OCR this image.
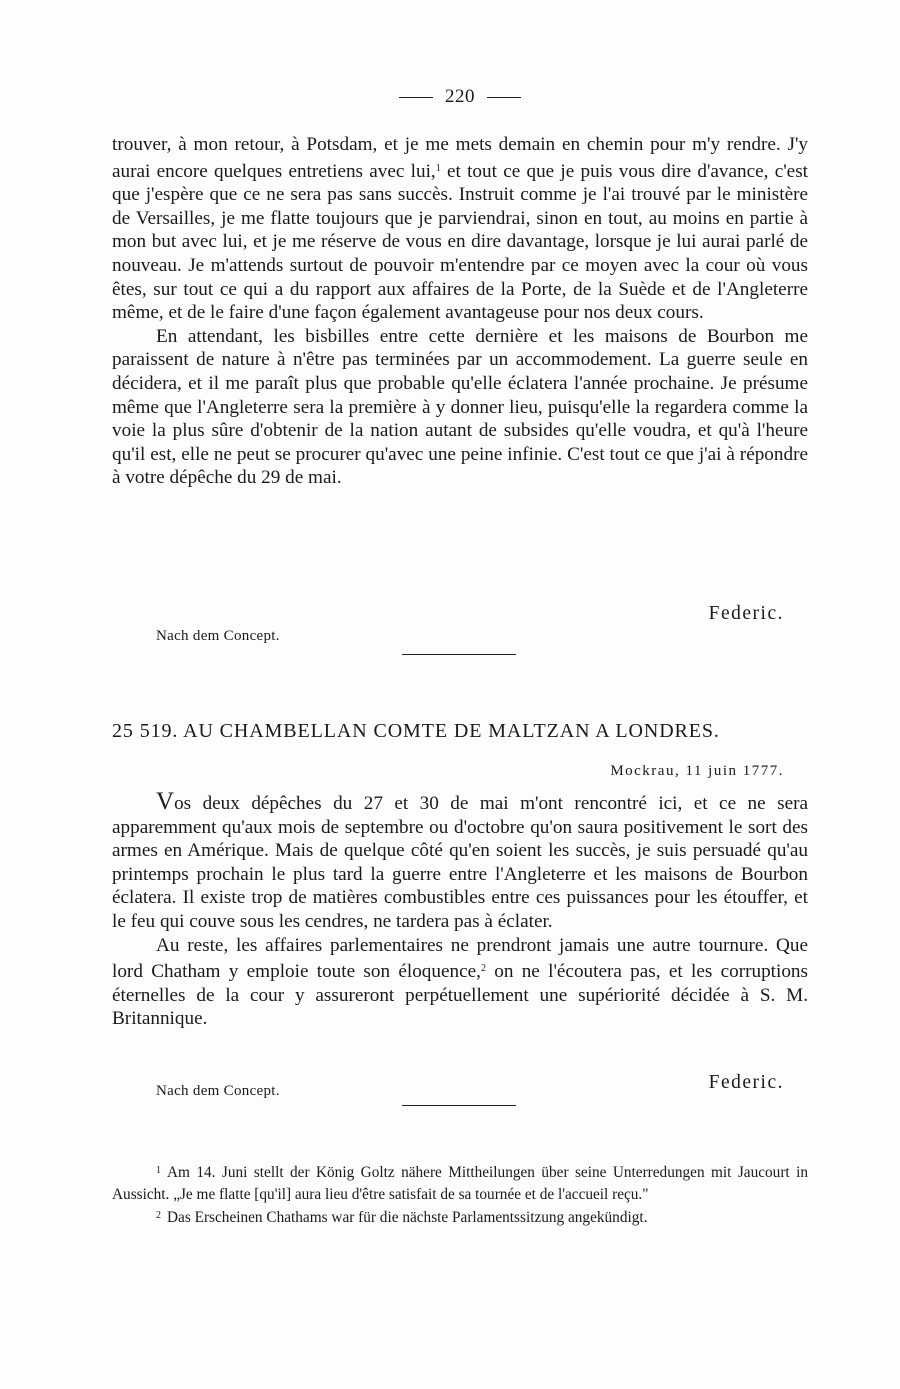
220

trouver, à mon retour, à Potsdam, et je me mets demain en chemin pour m'y rendre. J'y aurai encore quelques entretiens avec lui,$^1$ et tout ce que je puis vous dire d'avance, c'est que j'espère que ce ne sera pas sans succès. Instruit comme je l'ai trouvé par le ministère de Versailles, je me flatte toujours que je parviendrai, sinon en tout, au moins en partie à mon but avec lui, et je me réserve de vous en dire davantage, lorsque je lui aurai parlé de nouveau. Je m'attends surtout de pouvoir m'entendre par ce moyen avec la cour où vous êtes, sur tout ce qui a du rapport aux affaires de la Porte, de la Suède et de l'Angleterre même, et de le faire d'une façon également avantageuse pour nos deux cours.

En attendant, les bisbilles entre cette dernière et les maisons de Bourbon me paraissent de nature à n'être pas terminées par un accommodement. La guerre seule en décidera, et il me paraît plus que probable qu'elle éclatera l'année prochaine. Je présume même que l'Angleterre sera la première à y donner lieu, puisqu'elle la regardera comme la voie la plus sûre d'obtenir de la nation autant de subsides qu'elle voudra, et qu'à l'heure qu'il est, elle ne peut se procurer qu'avec une peine infinie. C'est tout ce que j'ai à répondre à votre dépêche du 29 de mai.

Federic.
Nach dem Concept.
25 519. AU CHAMBELLAN COMTE DE MALTZAN A LONDRES.
Mockrau, 11 juin 1777.

Vos deux dépêches du 27 et 30 de mai m'ont rencontré ici, et ce ne sera apparemment qu'aux mois de septembre ou d'octobre qu'on saura positivement le sort des armes en Amérique. Mais de quelque côté qu'en soient les succès, je suis persuadé qu'au printemps prochain le plus tard la guerre entre l'Angleterre et les maisons de Bourbon éclatera. Il existe trop de matières combustibles entre ces puissances pour les étouffer, et le feu qui couve sous les cendres, ne tardera pas à éclater.

Au reste, les affaires parlementaires ne prendront jamais une autre tournure. Que lord Chatham y emploie toute son éloquence,$^2$ on ne l'écoutera pas, et les corruptions éternelles de la cour y assureront perpétuellement une supériorité décidée à S. M. Britannique.

Federic.
Nach dem Concept.

$^1$ Am 14. Juni stellt der König Goltz nähere Mittheilungen über seine Unterredungen mit Jaucourt in Aussicht. „Je me flatte [qu'il] aura lieu d'être satisfait de sa tournée et de l'accueil reçu."

$^2$ Das Erscheinen Chathams war für die nächste Parlamentssitzung angekündigt.
